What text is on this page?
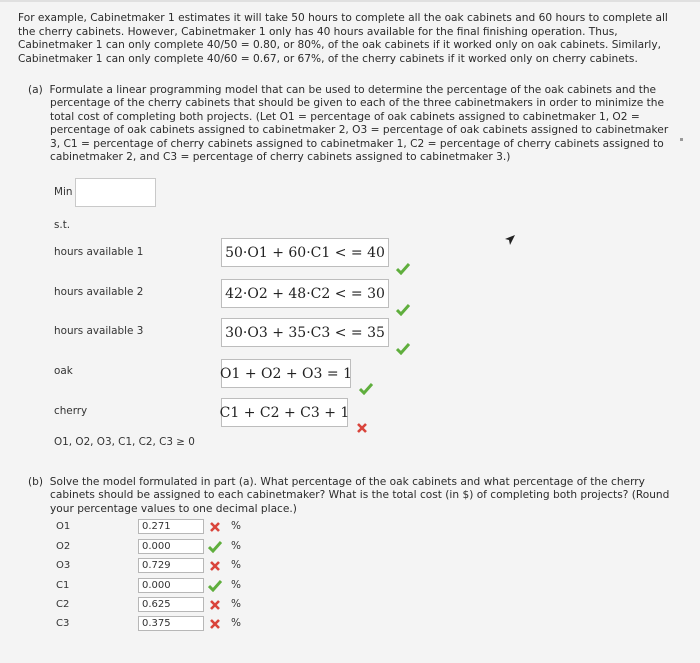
For example, Cabinetmaker 1 estimates it will take 50 hours to complete all the oak cabinets and 60 hours to complete all
the cherry cabinets. However, Cabinetmaker 1 only has 40 hours available for the final finishing operation. Thus,
Cabinetmaker 1 can only complete 40/50 = 0.80, or 80%, of the oak cabinets if it worked only on oak cabinets. Similarly,
Cabinetmaker 1 can only complete 40/60 = 0.67, or 67%, of the cherry cabinets if it worked only on cherry cabinets.
(a) Formulate a linear programming model that can be used to determine the percentage of the oak cabinets and the
percentage of the cherry cabinets that should be given to each of the three cabinetmakers in order to minimize the
total cost of completing both projects. (Let O1 = percentage of oak cabinets assigned to cabinetmaker 1, O2 =
percentage of oak cabinets assigned to cabinetmaker 2, O3 = percentage of oak cabinets assigned to cabinetmaker
3, C1 = percentage of cherry cabinets assigned to cabinetmaker 1, C2 = percentage of cherry cabinets assigned to
cabinetmaker 2, and C3 = percentage of cherry cabinets assigned to cabinetmaker 3.)
Min
s.t.
hours available 1	50·O1 + 60·C1 < = 40
hours available 2	42·O2 + 48·C2 < = 30
hours available 3	30·O3 + 35·C3 < = 35
oak	O1 + O2 + O3 = 1
cherry	C1 + C2 + C3 + 1
O1, O2, O3, C1, C2, C3 ≥ 0
(b) Solve the model formulated in part (a). What percentage of the oak cabinets and what percentage of the cherry
cabinets should be assigned to each cabinetmaker? What is the total cost (in $) of completing both projects? (Round
your percentage values to one decimal place.)
O1	0.271	%
O2	0.000	%
O3	0.729	%
C1	0.000	%
C2	0.625	%
C3	0.375	%
